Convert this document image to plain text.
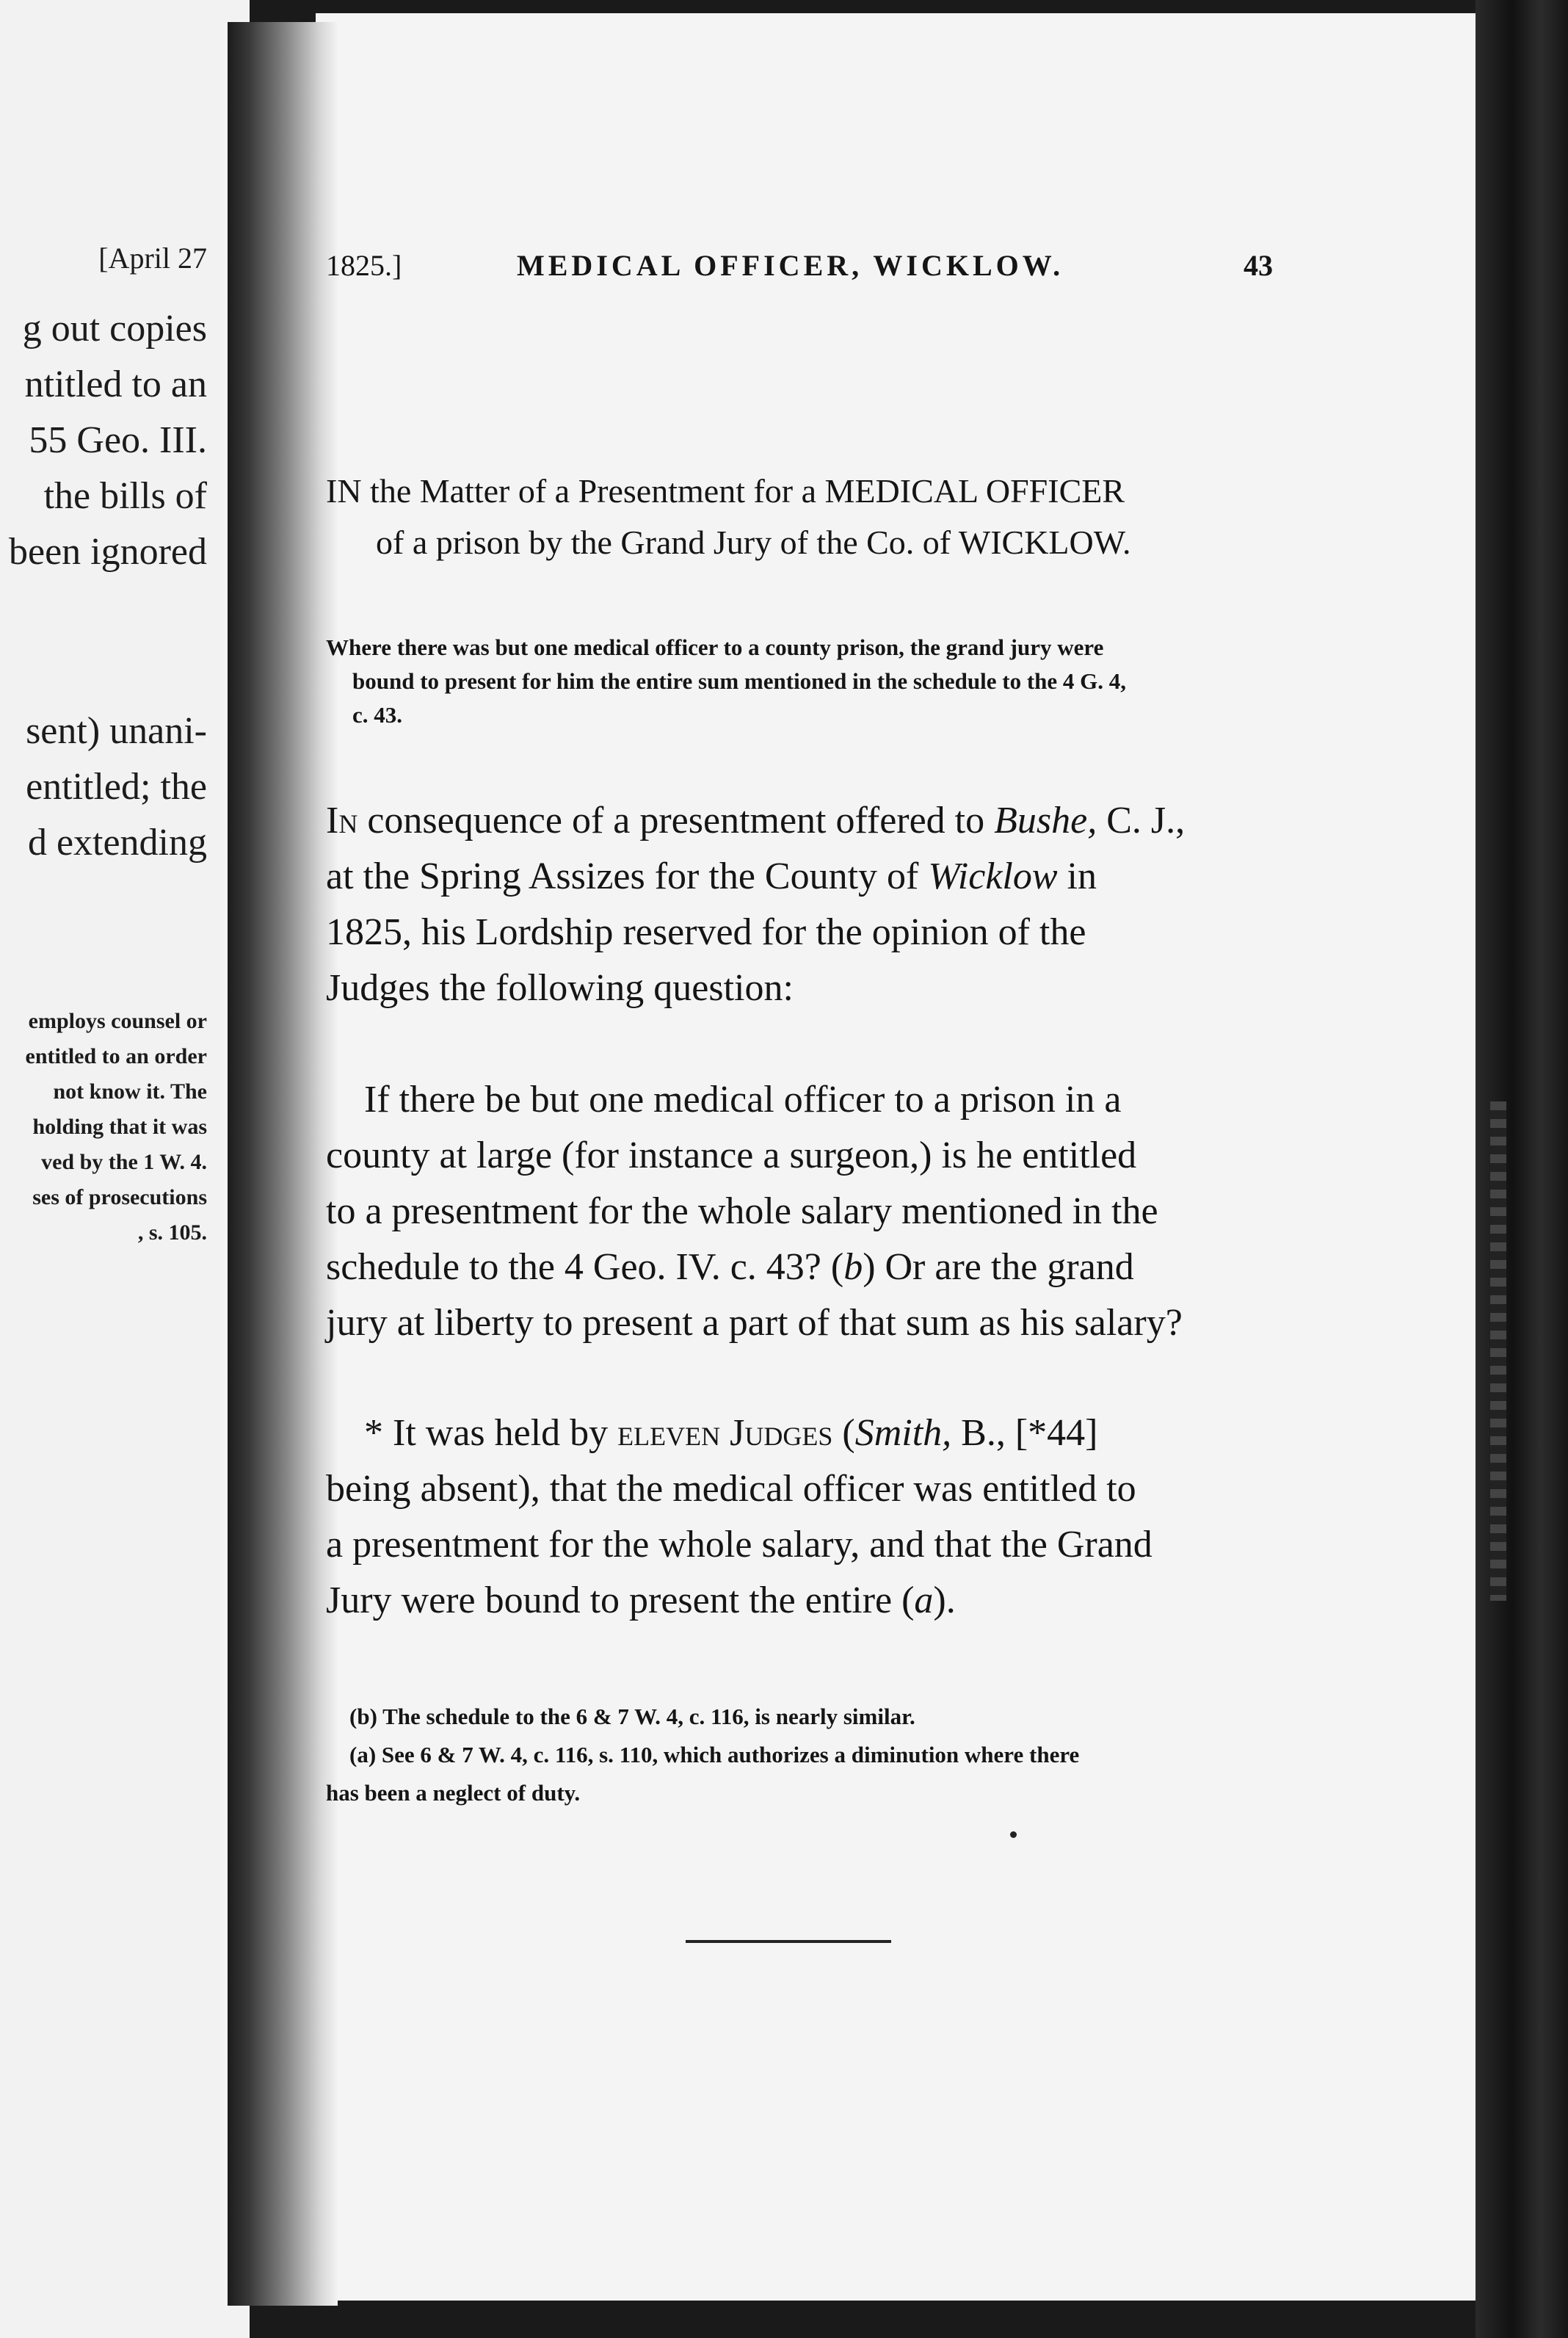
[April 27
g out copies
ntitled to an
55 Geo. III.
the bills of
been ignored
sent) unani-
entitled; the
d extending
employs counsel or
entitled to an order
not know it. The
holding that it was
ved by the 1 W. 4.
ses of prosecutions
, s. 105.
1825.]	MEDICAL OFFICER, WICKLOW.	43
IN the Matter of a Presentment for a MEDICAL OFFICER
of a prison by the Grand Jury of the Co. of WICKLOW.
Where there was but one medical officer to a county prison, the grand jury were
bound to present for him the entire sum mentioned in the schedule to the 4 G. 4,
c. 43.
In consequence of a presentment offered to Bushe, C. J.,
at the Spring Assizes for the County of Wicklow in
1825, his Lordship reserved for the opinion of the
Judges the following question:
If there be but one medical officer to a prison in a
county at large (for instance a surgeon,) is he entitled
to a presentment for the whole salary mentioned in the
schedule to the 4 Geo. IV. c. 43? (b) Or are the grand
jury at liberty to present a part of that sum as his salary?
* It was held by eleven Judges (Smith, B., [*44]
being absent), that the medical officer was entitled to
a presentment for the whole salary, and that the Grand
Jury were bound to present the entire (a).
(b) The schedule to the 6 & 7 W. 4, c. 116, is nearly similar.
(a) See 6 & 7 W. 4, c. 116, s. 110, which authorizes a diminution where there
has been a neglect of duty.
